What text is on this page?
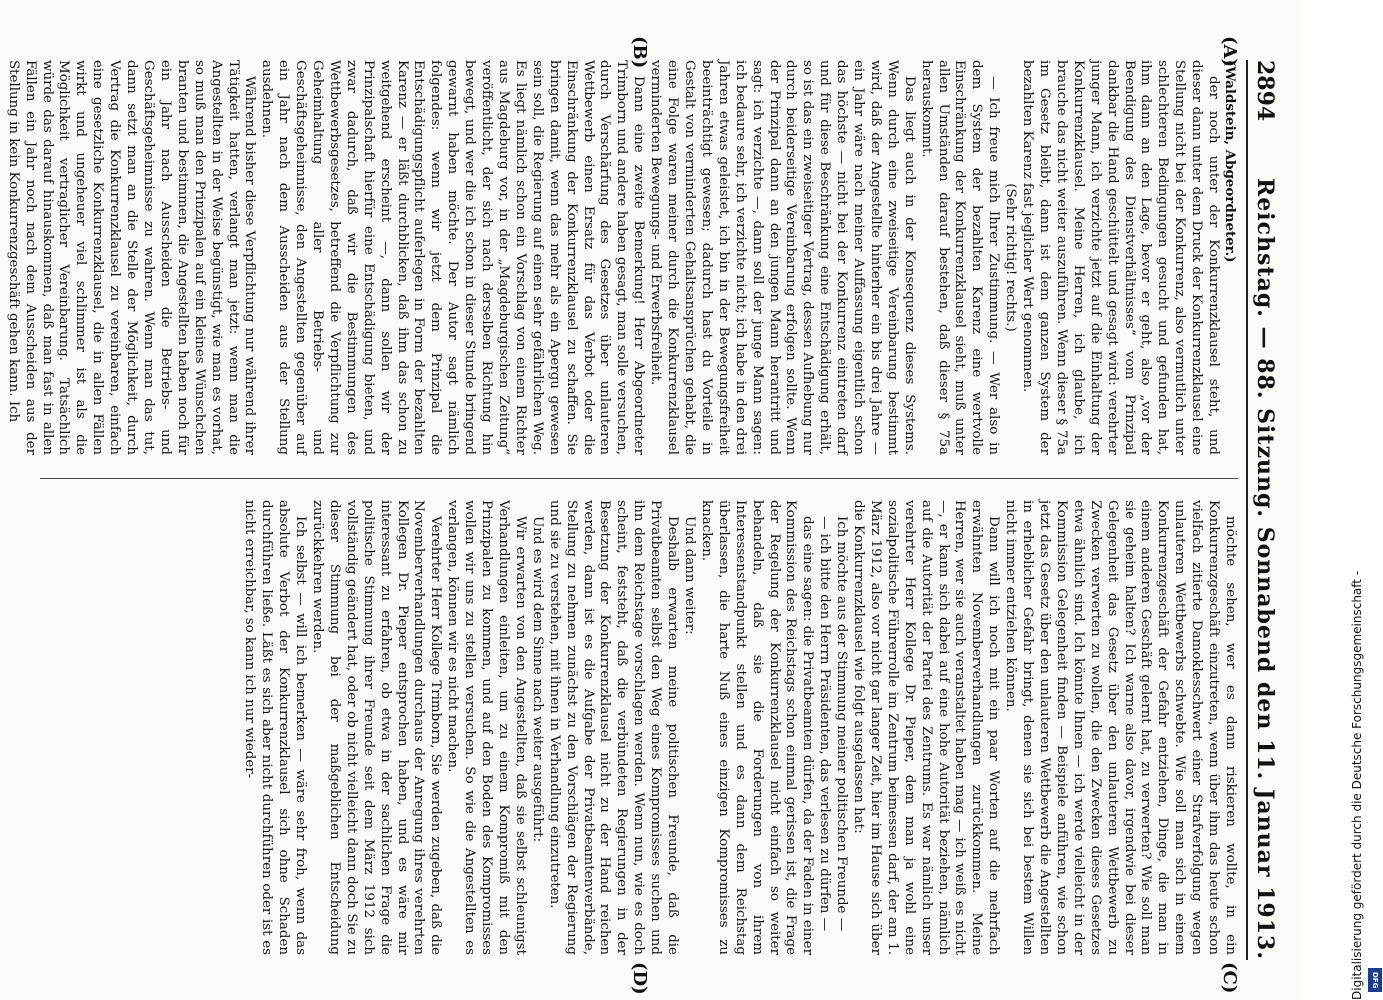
2894
Reichstag. — 88. Sitzung. Sonnabend den 11. Januar 1913.
(A)
(B)
(C)
(D)

(Waldstein, Abgeordneter.)

der noch unter der Konkurrenzklausel steht, und dieser dann unter dem Druck der Konkurrenzklausel eine Stellung nicht bei der Konkurrenz, also vermutlich unter schlechteren Bedingungen gesucht und gefunden hat, ihm dann an den Lage, bevor er geht, also „vor der Beendigung des Dienstverhältnisses“ vom Prinzipal dankbar die Hand geschüttelt und gesagt wird: verehrter junger Mann, ich verzichte jetzt auf die Einhaltung der Konkurrenzklausel. Meine Herren, ich glaube, ich brauche das nicht weiter auszuführen. Wenn dieser § 75a im Gesetz bleibt, dann ist dem ganzen System der bezahlten Karenz fast jeglicher Wert genommen.

(Sehr richtig! rechts.)

— Ich freue mich Ihrer Zustimmung. — Wer also in dem System der bezahlten Karenz eine wertvolle Einschränkung der Konkurrenzklausel sieht, muß unter allen Umständen darauf bestehen, daß dieser § 75a herauskommt.

Das liegt auch in der Konsequenz dieses Systems. Wenn durch eine zweiseitige Vereinbarung bestimmt wird, daß der Angestellte hinterher ein bis drei Jahre — ein Jahr wäre nach meiner Auffassung eigentlich schon das höchste — nicht bei der Konkurrenz eintreten darf und für diese Beschränkung eine Entschädigung erhält, so ist das ein zweiseitiger Vertrag, dessen Aufhebung nur durch beiderseitige Vereinbarung erfolgen sollte. Wenn der Prinzipal dann an den jungen Mann herantritt und sagt: ich verzichte —, dann soll der junge Mann sagen: ich bedaure sehr, ich verzichte nicht; ich habe in den drei Jahren etwas geleistet, ich bin in der Bewegungsfreiheit beeinträchtigt gewesen; dadurch hast du Vorteile in Gestalt von verminderten Gehaltsansprüchen gehabt, die eine Folge waren meiner durch die Konkurrenzklausel verminderten Bewegungs- und Erwerbsfreiheit.

Dann eine zweite Bemerkung! Herr Abgeordneter Trimborn und andere haben gesagt, man solle versuchen, durch Verschärfung des Gesetzes über unlauteren Wettbewerb einen Ersatz für das Verbot oder die Einschränkung der Konkurrenzklausel zu schaffen. Sie bringen damit, wenn das mehr als ein Apergu gewesen sein soll, die Regierung auf einen sehr gefährlichen Weg. Es liegt nämlich schon ein Vorschlag von einem Richter aus Magdeburg vor, in der „Magdeburgischen Zeitung“ veröffentlicht, der sich nach derselben Richtung hin bewegt, und wer die ich schon in dieser Stunde bringend gewarnt haben möchte. Der Autor sagt nämlich folgendes: wenn wir jetzt dem Prinzipal die Entschädigungspflicht auferlegen in Form der bezahlten Karenz — er läßt durchblicken, daß ihm das schon zu weitgehend erscheint —, dann sollen wir der Prinzipalschaft hierfür eine Entschädigung bieten, und zwar dadurch, daß wir die Bestimmungen des Wettbewerbsgesetzes, betreffend die Verpflichtung zur Geheimhaltung aller Betriebs- und Geschäftsgeheimnisse, den Angestellten gegenüber auf ein Jahr nach dem Ausscheiden aus der Stellung ausdehnen.

Während bisher diese Verpflichtung nur während ihrer Tätigkeit hatten, verlangt man jetzt: wenn man die Angestellten in der Weise begünstigt, wie man es vorhat, so muß man den Prinzipalen auf ein kleines Wünschchen branten und bestimmen, die Angestellten haben noch für ein Jahr nach Ausscheiden die Betriebs- und Geschäftsgeheimnisse zu wahren. Wenn man das tut, dann setzt man an die Stelle der Möglichkeit, durch Vertrag die Konkurrenzklausel zu vereinbaren, einfach eine gesetzliche Konkurrenzklausel, die in allen Fällen wirkt und ungeheuer viel schlimmer ist als die Möglichkeit vertraglicher Vereinbarung. Tatsächlich würde das darauf hinauskommen, daß man fast in allen Fällen ein Jahr noch nach dem Ausscheiden aus der Stellung in kein Konkurrenzgeschäft gehen kann. Ich

möchte sehen, wer es dann riskieren wollte, in ein Konkurrenzgeschäft einzutreten, wenn über ihm das heute schon vielfach zitierte Damoklesschwert einer Strafverfolgung wegen unlauteren Wettbewerbs schwebte. Wie soll man sich in einem Konkurrenzgeschäft der Gefahr entziehen, Dinge, die man in einem anderen Geschäft gelernt hat, zu verwerten? Wie soll man sie geheim halten? Ich warne also davor, irgendwie bei dieser Gelegenheit das Gesetz über den unlauteren Wettbewerb zu Zwecken verwerten zu wollen, die den Zwecken dieses Gesetzes etwa ähnlich sind. Ich könnte Ihnen — ich werde vielleicht in der Kommission Gelegenheit finden — Beispiele anführen, wie schon jetzt das Gesetz über den unlauteren Wettbewerb die Angestellten in erheblicher Gefahr bringt, denen sie sich bei bestem Willen nicht immer entziehen können.

Dann will ich noch mit ein paar Worten auf die mehrfach erwähnten Novemberverhandlungen zurückkommen. Meine Herren, wer sie auch veranstaltet haben mag — ich weiß es nicht —, er kann sich dabei auf eine hohe Autorität beziehen, nämlich auf die Autorität der Partei des Zentrums. Es war nämlich unser verehrter Herr Kollege Dr. Pieper, dem man ja wohl eine sozialpolitische Führerrolle im Zentrum beimessen darf, der am 1. März 1912, also vor nicht gar langer Zeit, hier im Hause sich über die Konkurrenzklausel wie folgt ausgelassen hat:

Ich möchte aus der Stimmung meiner politischen Freunde —

— ich bitte den Herrn Präsidenten, das verlesen zu dürfen —

das eine sagen: die Privatbeamten dürfen, da der Faden in einer Kommission des Reichstags schon einmal gerissen ist, die Frage der Regelung der Konkurrenzklausel nicht einfach so weiter behandeln, daß sie die Forderungen von ihrem Interessenstandpunkt stellen und es dann dem Reichstag überlassen, die harte Nuß eines einzigen Kompromisses zu knacken.

Und dann weiter:

Deshalb erwarten meine politischen Freunde, daß die Privatbeamten selbst den Weg eines Kompromisses suchen und ihn dem Reichstage vorschlagen werden. Wenn nun, wie es doch scheint, feststeht, daß die verbündeten Regierungen in der Besetzung der Konkurrenzklausel nicht zu der Hand reichen werden, dann ist es die Aufgabe der Privatbeamtenverbände, Stellung zu nehmen zunächst zu den Vorschlägen der Regierung und sie zu verstehen, mit ihnen in Verhandlung einzutreten.

Und es wird dem Sinne nach weiter ausgeführt:

Wir erwarten von den Angestellten, daß sie selbst schleunigst Verhandlungen einleiten, um zu einem Kompromiß mit den Prinzipalen zu kommen, und auf den Boden des Kompromisses wollen wir uns zu stellen versuchen. So wie die Angestellten es verlangen, können wir es nicht machen.

Verehrter Herr Kollege Trimborn, Sie werden zugeben, daß die Novemberverhandlungen durchaus der Anregung ihres verehrten Kollegen Dr. Pieper entsprochen haben, und es wäre mir interessant zu erfahren, ob etwa in der sachlichen Frage die politische Stimmung ihrer Freunde seit dem März 1912 sich vollständig geändert hat, oder ob nicht vielleicht dann doch Sie zu dieser Stimmung bei der maßgeblichen Entscheidung zurückkehren werden.

Ich selbst — will ich bemerken — wäre sehr froh, wenn das absolute Verbot der Konkurrenzklausel sich ohne Schaden durchführen ließe. Läßt es sich aber nicht durchführen oder ist es nicht erreichbar, so kann ich nur wieder-	Digitalisierung gefördert durch die Deutsche Forschungsgemeinschaft -	DFG
